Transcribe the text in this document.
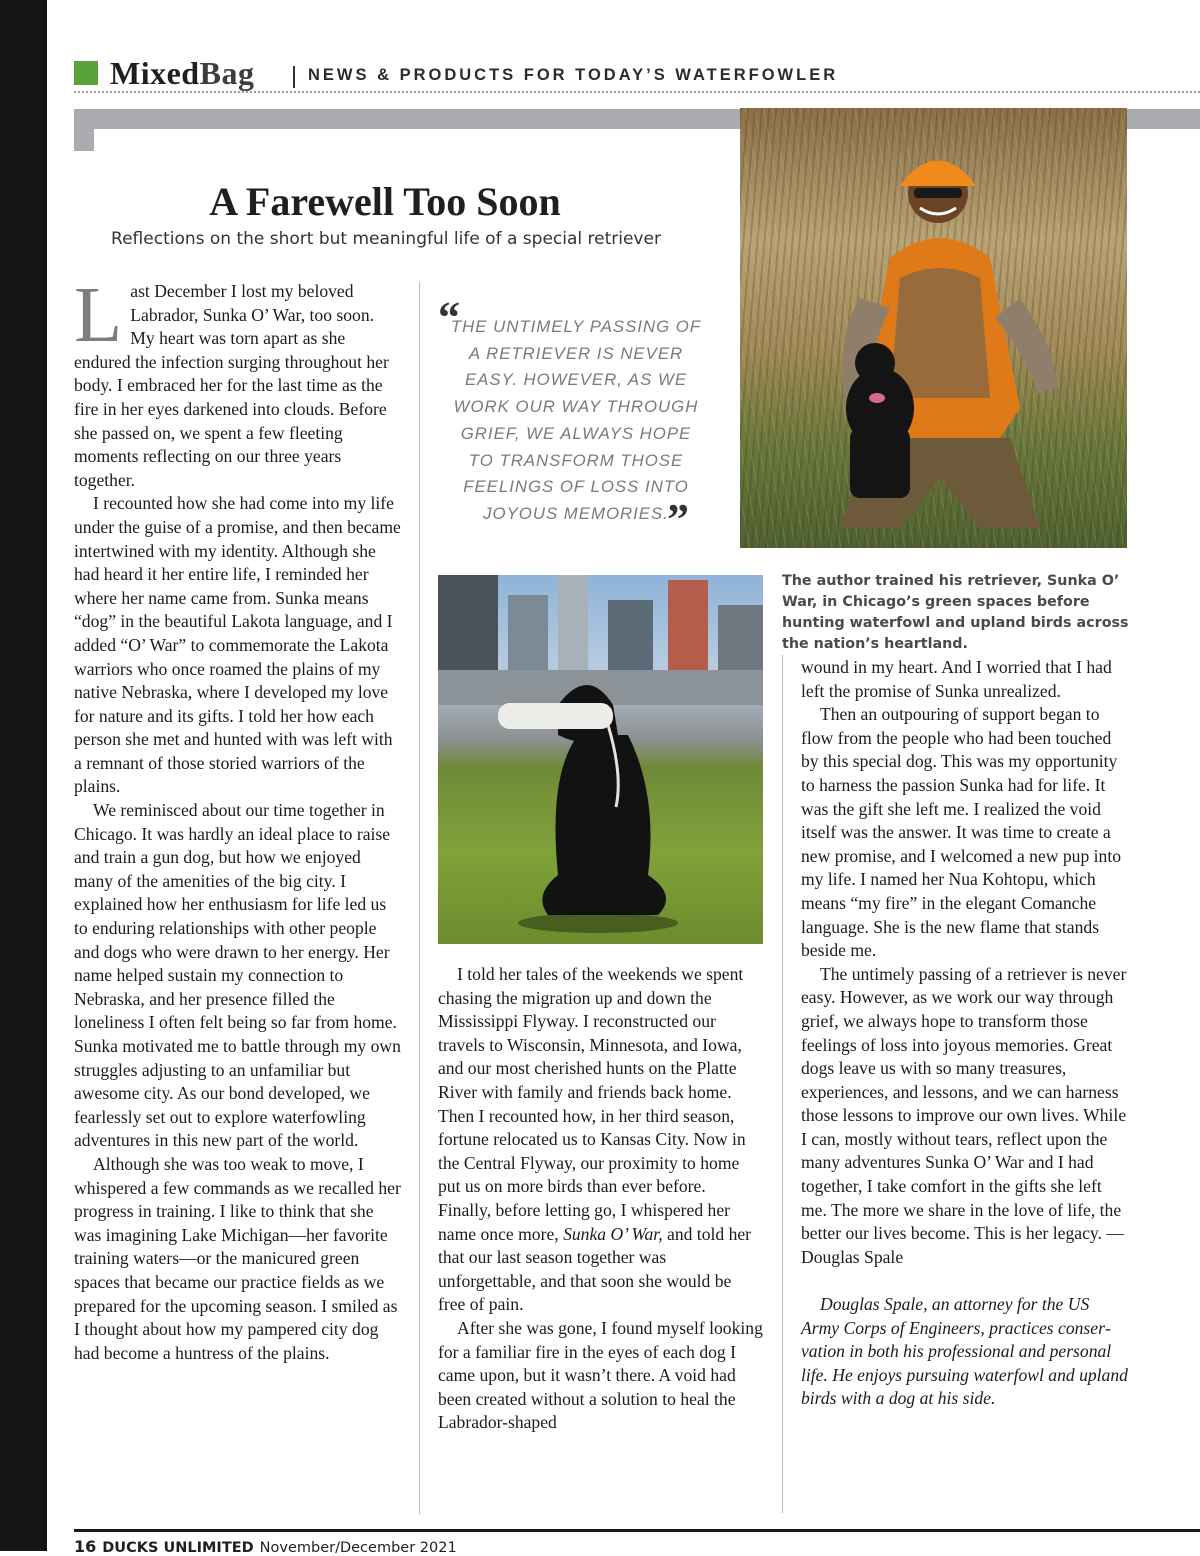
MixedBag	NEWS & PRODUCTS FOR TODAY’S WATERFOWLER
A Farewell Too Soon
Reflections on the short but meaningful life of a special retriever

Last December I lost my beloved Labrador, Sunka O’ War, too soon. My heart was torn apart as she endured the infection surging throughout her body. I embraced her for the last time as the fire in her eyes darkened into clouds. Before she passed on, we spent a few fleeting moments reflecting on our three years together.

I recounted how she had come into my life under the guise of a promise, and then became intertwined with my identity. Although she had heard it her entire life, I reminded her where her name came from. Sunka means “dog” in the beautiful Lakota language, and I added “O’ War” to commemorate the Lakota warriors who once roamed the plains of my native Nebraska, where I developed my love for nature and its gifts. I told her how each person she met and hunted with was left with a remnant of those storied warriors of the plains.

We reminisced about our time together in Chicago. It was hardly an ideal place to raise and train a gun dog, but how we enjoyed many of the amenities of the big city. I explained how her enthusiasm for life led us to enduring relationships with other people and dogs who were drawn to her energy. Her name helped sustain my connection to Nebraska, and her presence filled the loneliness I often felt being so far from home. Sunka motivated me to battle through my own struggles adjusting to an unfamiliar but awesome city. As our bond developed, we fearlessly set out to explore waterfowling adventures in this new part of the world.

Although she was too weak to move, I whispered a few commands as we recalled her progress in training. I like to think that she was imagining Lake Michigan—her favorite training waters—or the manicured green spaces that became our practice fields as we prepared for the upcoming season. I smiled as I thought about how my pampered city dog had become a huntress of the plains.

“
THE UNTIMELY PASSING OF A RETRIEVER IS NEVER EASY. HOWEVER, AS WE WORK OUR WAY THROUGH GRIEF, WE ALWAYS HOPE TO TRANSFORM THOSE FEELINGS OF LOSS INTO JOYOUS MEMORIES.
”
The author trained his retriever, Sunka O’ War, in Chicago’s green spaces before hunting waterfowl and upland birds across the nation’s heartland.

I told her tales of the weekends we spent chasing the migration up and down the Mississippi Flyway. I reconstructed our travels to Wisconsin, Minnesota, and Iowa, and our most cherished hunts on the Platte River with family and friends back home. Then I recounted how, in her third season, fortune relocated us to Kansas City. Now in the Central Flyway, our proximity to home put us on more birds than ever before. Finally, before letting go, I whispered her name once more, Sunka O’ War, and told her that our last season together was unforgettable, and that soon she would be free of pain.

After she was gone, I found myself looking for a familiar fire in the eyes of each dog I came upon, but it wasn’t there. A void had been created without a solution to heal the Labrador-shaped

wound in my heart. And I worried that I had left the promise of Sunka unrealized.

Then an outpouring of support began to flow from the people who had been touched by this special dog. This was my opportunity to harness the passion Sunka had for life. It was the gift she left me. I realized the void itself was the answer. It was time to create a new promise, and I welcomed a new pup into my life. I named her Nua Kohtopu, which means “my fire” in the elegant Comanche language. She is the new flame that stands beside me.

The untimely passing of a retriever is never easy. However, as we work our way through grief, we always hope to transform those feelings of loss into joyous memories. Great dogs leave us with so many treasures, experiences, and lessons, and we can harness those lessons to improve our own lives. While I can, mostly without tears, reflect upon the many adventures Sunka O’ War and I had together, I take comfort in the gifts she left me. The more we share in the love of life, the better our lives become. This is her legacy. —Douglas Spale

Douglas Spale, an attorney for the US Army Corps of Engineers, practices conservation in both his professional and personal life. He enjoys pursuing waterfowl and upland birds with a dog at his side.

16 DUCKS UNLIMITED November/December 2021
